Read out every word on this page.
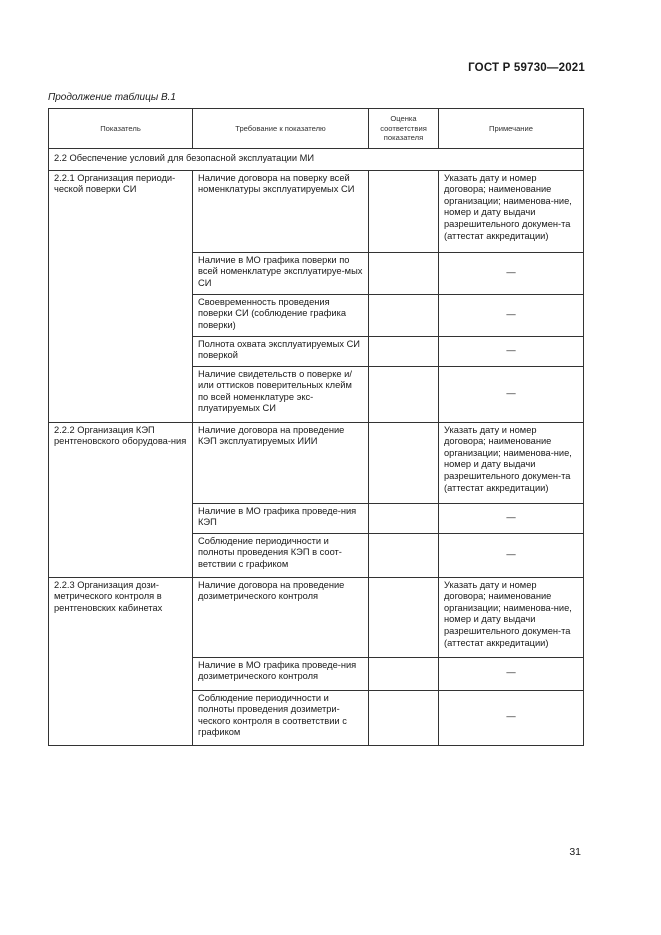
ГОСТ Р 59730—2021
Продолжение таблицы В.1
Показатель	Требование к показателю	Оценка соответствия показателя	Примечание
2.2 Обеспечение условий для безопасной эксплуатации МИ			
2.2.1 Организация периоди-ческой поверки СИ	Наличие договора на поверку всей номенклатуры эксплуатируемых СИ		Указать дату и номер договора; наименование организации; наименова-ние, номер и дату выдачи разрешительного докумен-та (аттестат аккредитации)
	Наличие в МО графика поверки по всей номенклатуре эксплуатируе-мых СИ		—
	Своевременность проведения поверки СИ (соблюдение графика поверки)		—
	Полнота охвата эксплуатируемых СИ поверкой		—
	Наличие свидетельств о поверке и/или оттисков поверительных клейм по всей номенклатуре экс-плуатируемых СИ		—
2.2.2 Организация КЭП рентгеновского оборудова-ния	Наличие договора на проведение КЭП эксплуатируемых ИИИ		Указать дату и номер договора; наименование организации; наименова-ние, номер и дату выдачи разрешительного докумен-та (аттестат аккредитации)
	Наличие в МО графика проведе-ния КЭП		—
	Соблюдение периодичности и полноты проведения КЭП в соот-ветствии с графиком		—
2.2.3 Организация дози-метрического контроля в рентгеновских кабинетах	Наличие договора на проведение дозиметрического контроля		Указать дату и номер договора; наименование организации; наименова-ние, номер и дату выдачи разрешительного докумен-та (аттестат аккредитации)
	Наличие в МО графика проведе-ния дозиметрического контроля		—
	Соблюдение периодичности и полноты проведения дозиметри-ческого контроля в соответствии с графиком		—
31
